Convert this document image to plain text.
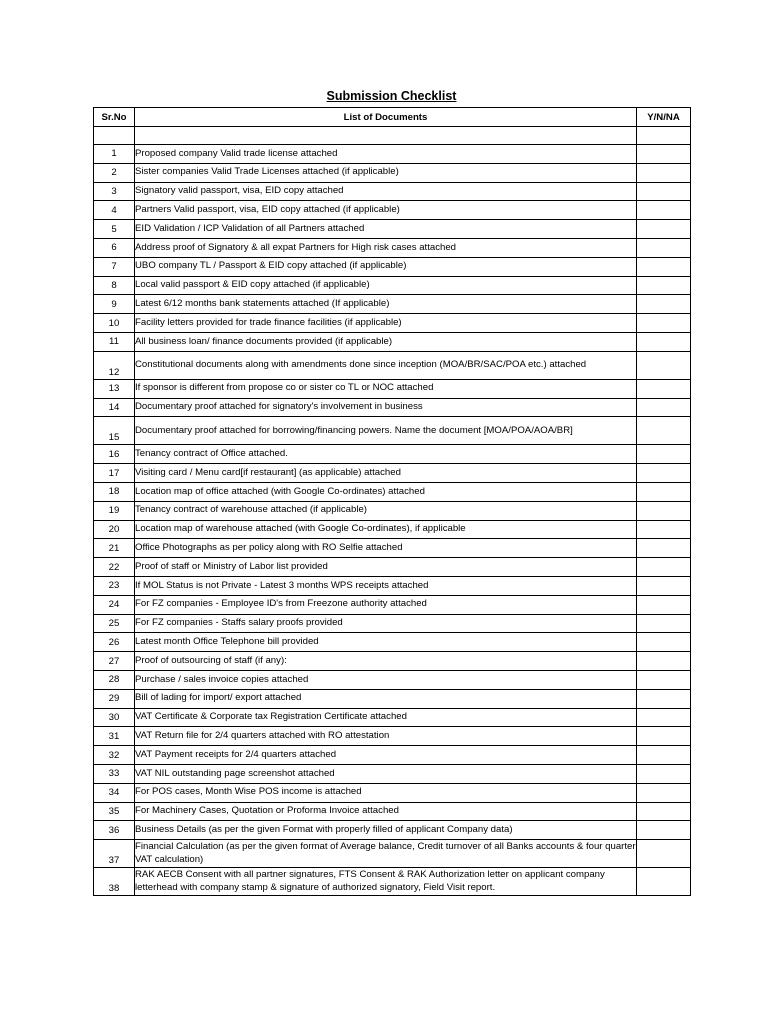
Submission Checklist
Sr.No	List of Documents	Y/N/NA

1	Proposed company Valid trade license attached	
2	Sister companies Valid Trade Licenses attached (if applicable)	
3	Signatory valid passport, visa, EID copy attached	
4	Partners Valid passport, visa, EID copy attached (if applicable)	
5	EID Validation / ICP Validation of all Partners attached	
6	Address proof of Signatory & all expat Partners for High risk cases attached	
7	UBO company TL / Passport & EID copy attached (if applicable)	
8	Local valid passport & EID copy attached (if applicable)	
9	Latest 6/12 months bank statements attached (If applicable)	
10	Facility letters provided for trade finance facilities (if applicable)	
11	All business loan/ finance documents provided (if applicable)	
12	Constitutional documents along with amendments done since inception (MOA/BR/SAC/POA etc.) attached	
13	If sponsor is different from propose co or sister co TL or NOC attached	
14	Documentary proof attached for signatory's involvement in business	
15	Documentary proof attached for borrowing/financing powers. Name the document [MOA/POA/AOA/BR]	
16	Tenancy contract of Office attached.	
17	Visiting card / Menu card[if restaurant] (as applicable) attached	
18	Location map of office attached (with Google Co-ordinates) attached	
19	Tenancy contract of warehouse attached (if applicable)	
20	Location map of warehouse attached (with Google Co-ordinates), if applicable	
21	Office Photographs as per policy along with RO Selfie attached	
22	Proof of staff or Ministry of Labor list provided	
23	If MOL Status is not Private - Latest 3 months WPS receipts attached	
24	For FZ companies - Employee ID's from Freezone authority attached	
25	For FZ companies - Staffs salary proofs provided	
26	Latest month Office Telephone bill provided	
27	Proof of outsourcing of staff (if any):	
28	Purchase / sales invoice copies attached	
29	Bill of lading for import/ export attached	
30	VAT Certificate & Corporate tax Registration Certificate attached	
31	VAT Return file for 2/4 quarters attached with RO attestation	
32	VAT Payment receipts for 2/4 quarters attached	
33	VAT NIL outstanding page screenshot attached	
34	For POS cases, Month Wise POS income is attached	
35	For Machinery Cases, Quotation or Proforma Invoice attached	
36	Business Details (as per the given Format with properly filled of applicant Company data)	
37	Financial Calculation (as per the given format of Average balance, Credit turnover of all Banks accounts & four quarter VAT calculation)	
38	RAK AECB Consent with all partner signatures, FTS Consent & RAK Authorization letter on applicant company letterhead with company stamp & signature of authorized signatory, Field Visit report.	
